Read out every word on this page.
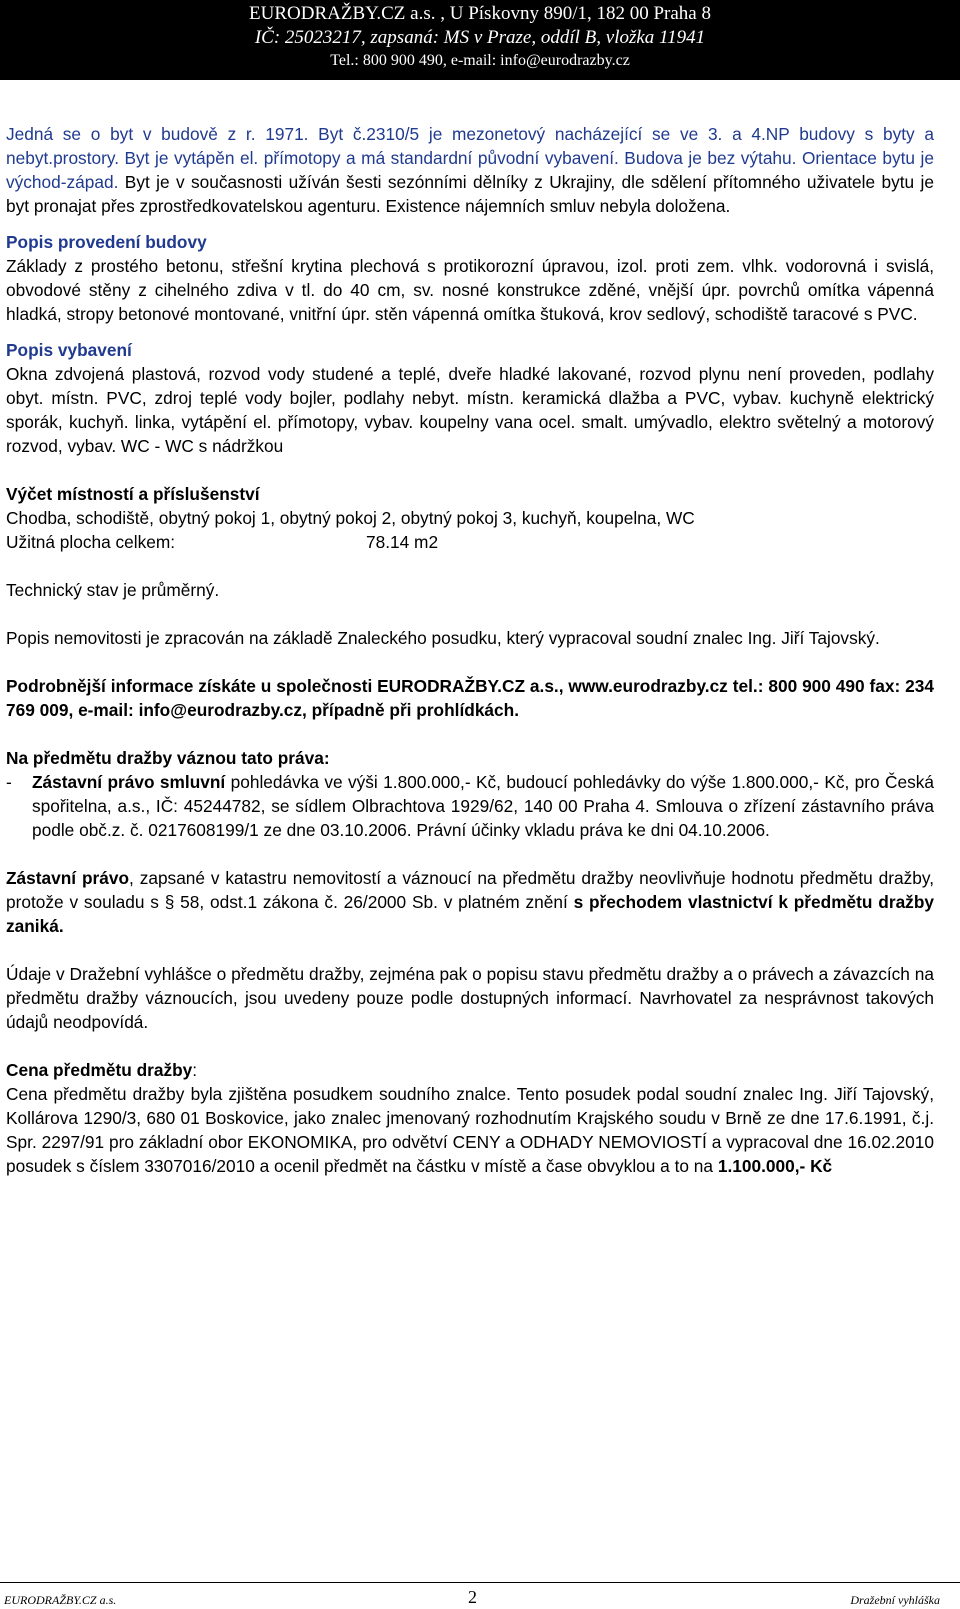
EURODRAŽBY.CZ a.s. , U Pískovny 890/1, 182 00 Praha 8
IČ: 25023217, zapsaná: MS v Praze, oddíl B, vložka 11941
Tel.: 800 900 490, e-mail: info@eurodrazby.cz

Jedná se o byt v budově z r. 1971. Byt č.2310/5 je mezonetový nacházející se ve 3. a 4.NP budovy s byty a nebyt.prostory. Byt je vytápěn el. přímotopy a má standardní původní vybavení. Budova je bez výtahu. Orientace bytu je východ-západ. Byt je v současnosti užíván šesti sezónními dělníky z Ukrajiny, dle sdělení přítomného uživatele bytu je byt pronajat přes zprostředkovatelskou agenturu. Existence nájemních smluv nebyla doložena.

Popis provedení budovy

Základy z prostého betonu, střešní krytina plechová s protikorozní úpravou, izol. proti zem. vlhk. vodorovná i svislá, obvodové stěny z cihelného zdiva v tl. do 40 cm, sv. nosné konstrukce zděné, vnější úpr. povrchů omítka vápenná hladká, stropy betonové montované, vnitřní úpr. stěn vápenná omítka štuková, krov sedlový, schodiště taracové s PVC.

Popis vybavení

Okna zdvojená plastová, rozvod vody studené a teplé, dveře hladké lakované, rozvod plynu není proveden, podlahy obyt. místn. PVC, zdroj teplé vody bojler, podlahy nebyt. místn. keramická dlažba a PVC, vybav. kuchyně elektrický sporák, kuchyň. linka, vytápění el. přímotopy, vybav. koupelny vana ocel. smalt. umývadlo, elektro světelný a motorový rozvod, vybav. WC - WC s nádržkou

Výčet místností a příslušenství

Chodba, schodiště, obytný pokoj 1, obytný pokoj 2, obytný pokoj 3, kuchyň, koupelna, WC

Užitná plocha celkem:	78.14 m2

Technický stav je průměrný.

Popis nemovitosti je zpracován na základě Znaleckého posudku, který vypracoval soudní znalec Ing. Jiří Tajovský.

Podrobnější informace získáte u společnosti EURODRAŽBY.CZ a.s., www.eurodrazby.cz tel.: 800 900 490 fax: 234 769 009, e-mail: info@eurodrazby.cz, případně při prohlídkách.

Na předmětu dražby váznou tato práva:

-	Zástavní právo smluvní pohledávka ve výši 1.800.000,- Kč, budoucí pohledávky do výše 1.800.000,- Kč, pro Česká spořitelna, a.s., IČ: 45244782, se sídlem Olbrachtova 1929/62, 140 00 Praha 4. Smlouva o zřízení zástavního práva podle obč.z. č. 0217608199/1 ze dne 03.10.2006. Právní účinky vkladu práva ke dni 04.10.2006.

Zástavní právo, zapsané v katastru nemovitostí a váznoucí na předmětu dražby neovlivňuje hodnotu předmětu dražby, protože v souladu s § 58, odst.1 zákona č. 26/2000 Sb. v platném znění s přechodem vlastnictví k předmětu dražby zaniká.

Údaje v Dražební vyhlášce o předmětu dražby, zejména pak o popisu stavu předmětu dražby a o právech a závazcích na předmětu dražby váznoucích, jsou uvedeny pouze podle dostupných informací. Navrhovatel za nesprávnost takových údajů neodpovídá.

Cena předmětu dražby:

Cena předmětu dražby byla zjištěna posudkem soudního znalce. Tento posudek podal soudní znalec Ing. Jiří Tajovský, Kollárova 1290/3, 680 01 Boskovice, jako znalec jmenovaný rozhodnutím Krajského soudu v Brně ze dne 17.6.1991, č.j. Spr. 2297/91 pro základní obor EKONOMIKA, pro odvětví CENY a ODHADY NEMOVIOSTÍ a vypracoval dne 16.02.2010 posudek s číslem 3307016/2010 a ocenil předmět na částku v místě a čase obvyklou a to na 1.100.000,- Kč

EURODRAŽBY.CZ a.s.	2	Dražební vyhláška
